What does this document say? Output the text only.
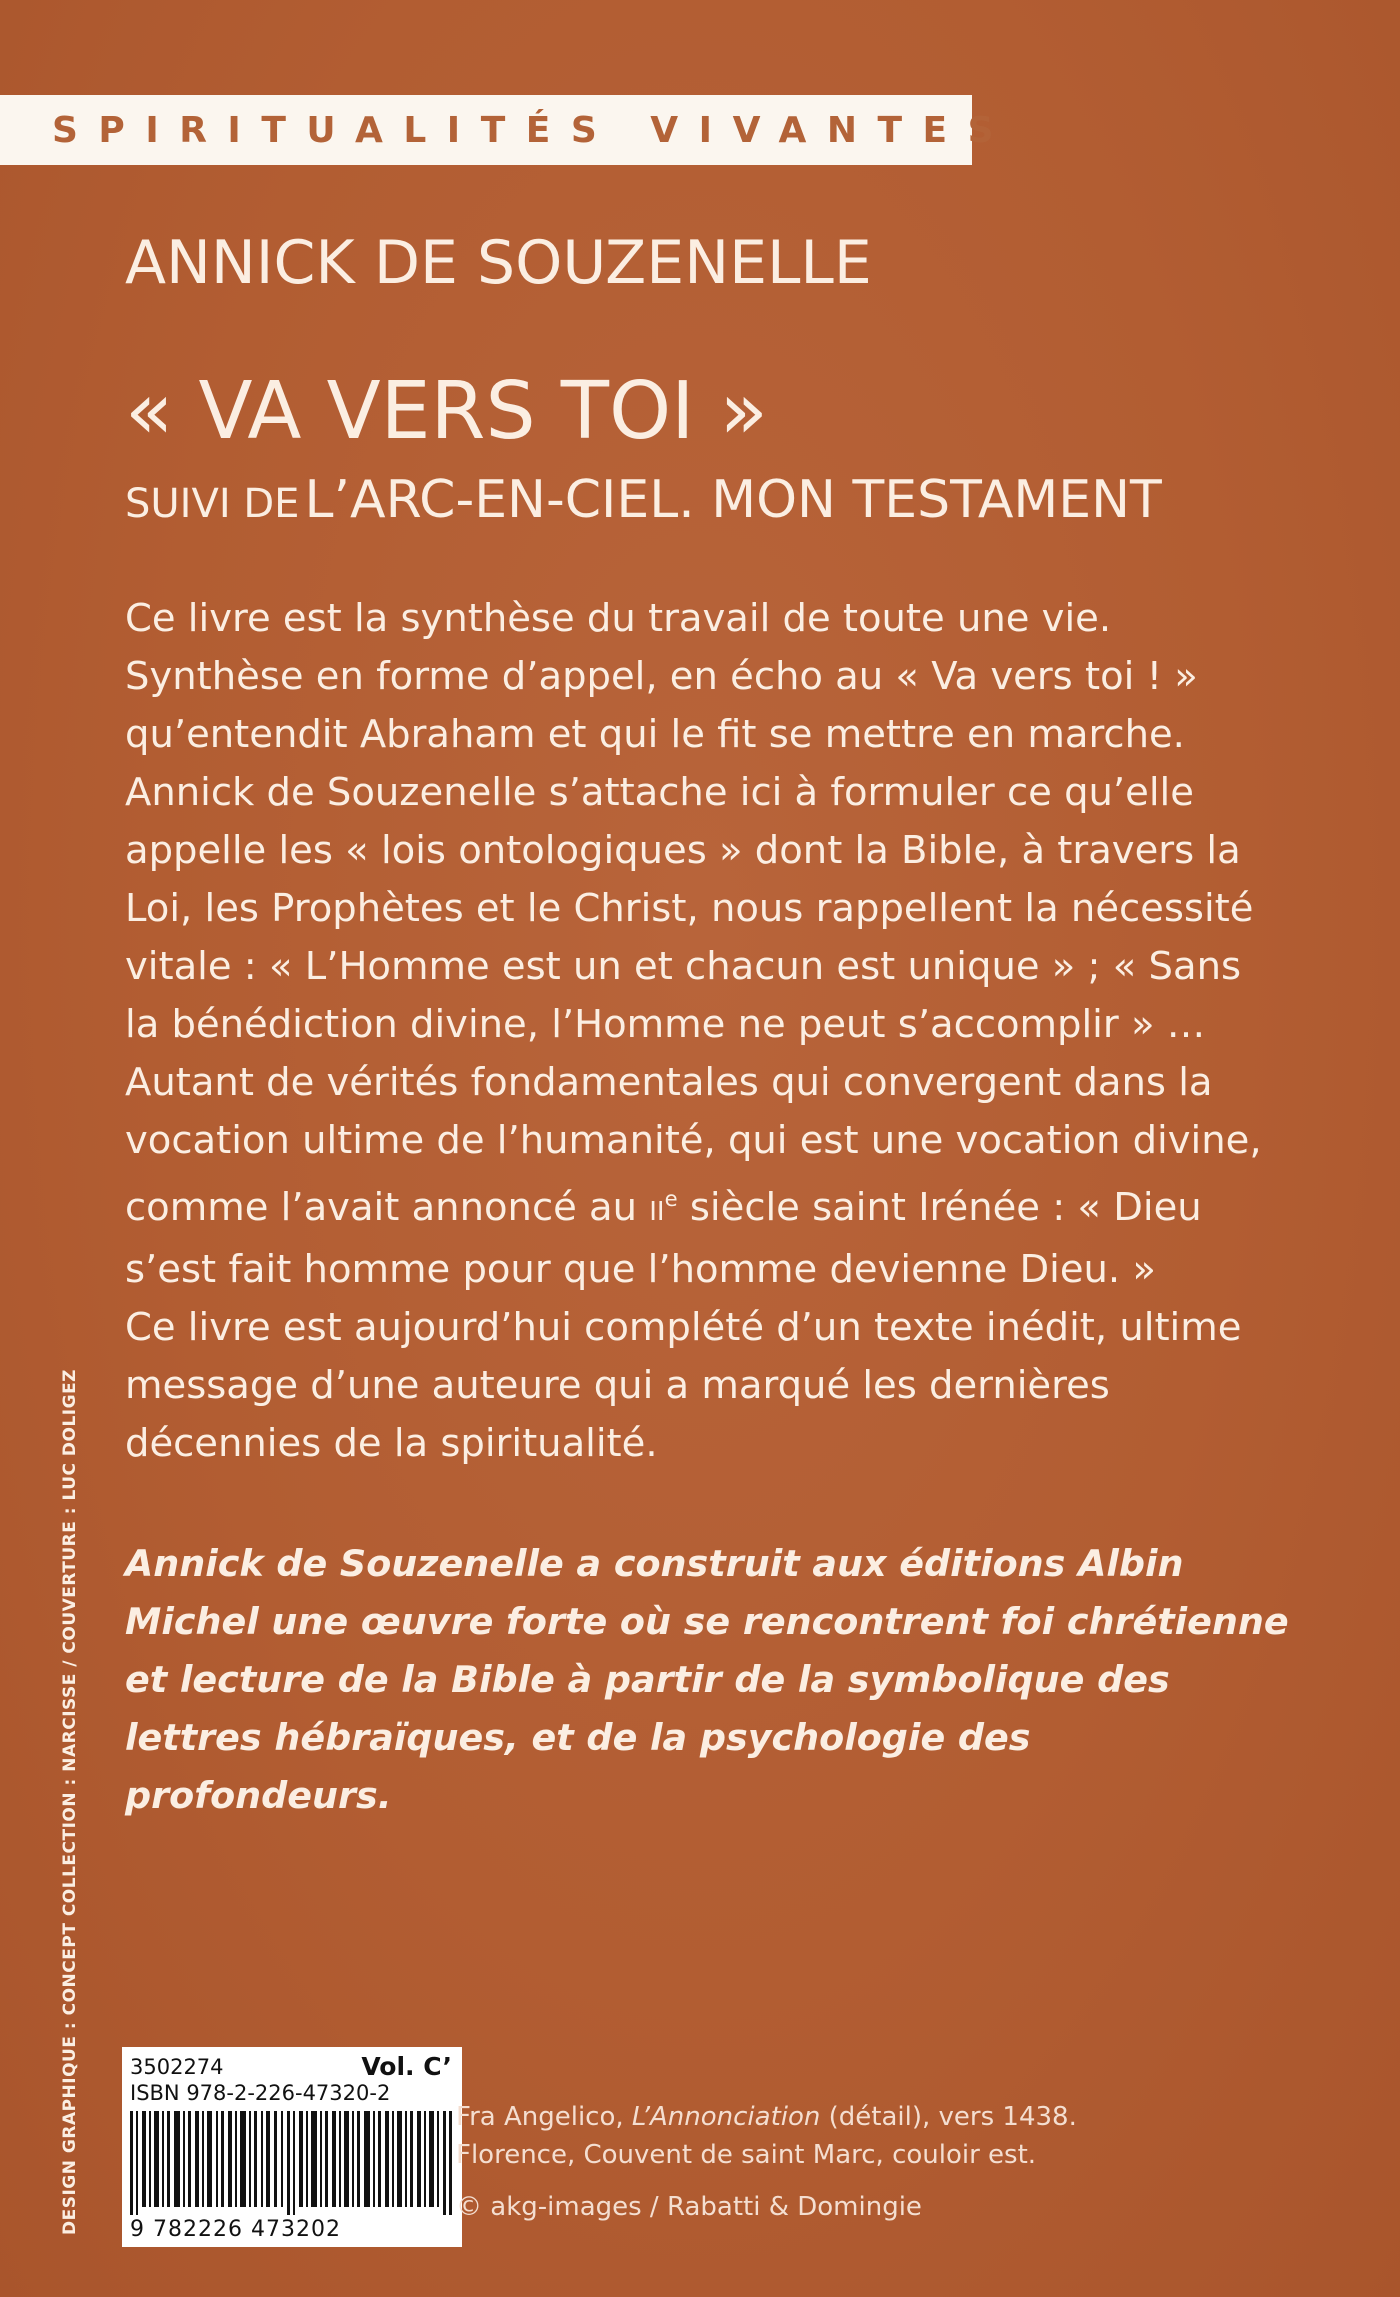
SPIRITUALITÉS VIVANTES
ANNICK DE SOUZENELLE
« VA VERS TOI »
SUIVI DE L’ARC-EN-CIEL. MON TESTAMENT

Ce livre est la synthèse du travail de toute une vie. Synthèse en forme d’appel, en écho au « Va vers toi ! » qu’entendit Abraham et qui le fit se mettre en marche. Annick de Souzenelle s’attache ici à formuler ce qu’elle appelle les « lois ontologiques » dont la Bible, à travers la Loi, les Prophètes et le Christ, nous rappellent la nécessité vitale : « L’Homme est un et chacun est unique » ; « Sans la bénédiction divine, l’Homme ne peut s’accomplir » … Autant de vérités fondamentales qui convergent dans la vocation ultime de l’humanité, qui est une vocation divine, comme l’avait annoncé au IIe siècle saint Irénée : « Dieu s’est fait homme pour que l’homme devienne Dieu. »

Ce livre est aujourd’hui complété d’un texte inédit, ultime message d’une auteure qui a marqué les dernières décennies de la spiritualité.

Annick de Souzenelle a construit aux éditions Albin Michel une œuvre forte où se rencontrent foi chrétienne et lecture de la Bible à partir de la symbolique des lettres hébraïques, et de la psychologie des profondeurs.

DESIGN GRAPHIQUE : CONCEPT COLLECTION : NARCISSE / COUVERTURE : LUC DOLIGEZ 3502274	Vol. C’
ISBN 978-2-226-47320-2
9 782226 473202

Fra Angelico, L’Annonciation (détail), vers 1438.

Florence, Couvent de saint Marc, couloir est.

© akg-images / Rabatti & Domingie
